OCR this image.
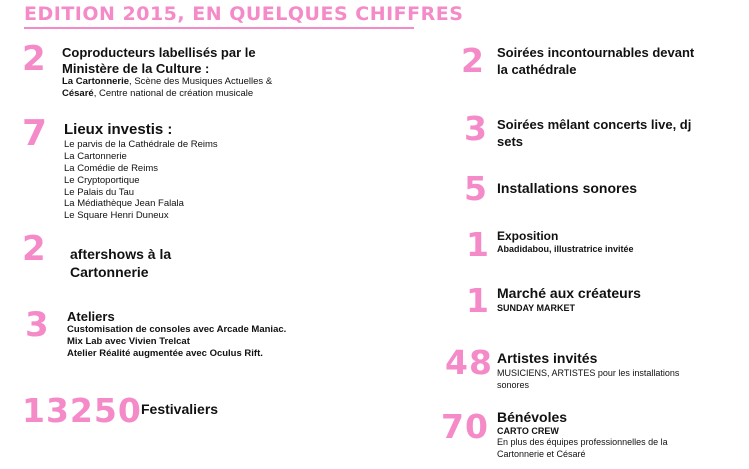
EDITION 2015, EN QUELQUES CHIFFRES
2 Coproducteurs labellisés par le
Ministère de la Culture :
La Cartonnerie, Scène des Musiques Actuelles &
Césaré, Centre national de création musicale
7 Lieux investis :
Le parvis de la Cathédrale de Reims
La Cartonnerie
La Comédie de Reims
Le Cryptoportique
Le Palais du Tau
La Médiathèque Jean Falala
Le Square Henri Duneux
2 aftershows à la
Cartonnerie
3 Ateliers
Customisation de consoles avec Arcade Maniac.
Mix Lab avec Vivien Trelcat
Atelier Réalité augmentée avec Oculus Rift.
13250 Festivaliers
2 Soirées incontournables devant
la cathédrale
3 Soirées mêlant concerts live, dj
sets
5 Installations sonores
1 Exposition
Abadidabou, illustratrice invitée
1 Marché aux créateurs
SUNDAY MARKET
48 Artistes invités
MUSICIENS, ARTISTES pour les installations
sonores
70 Bénévoles
CARTO CREW
En plus des équipes professionnelles de la
Cartonnerie et Césaré
